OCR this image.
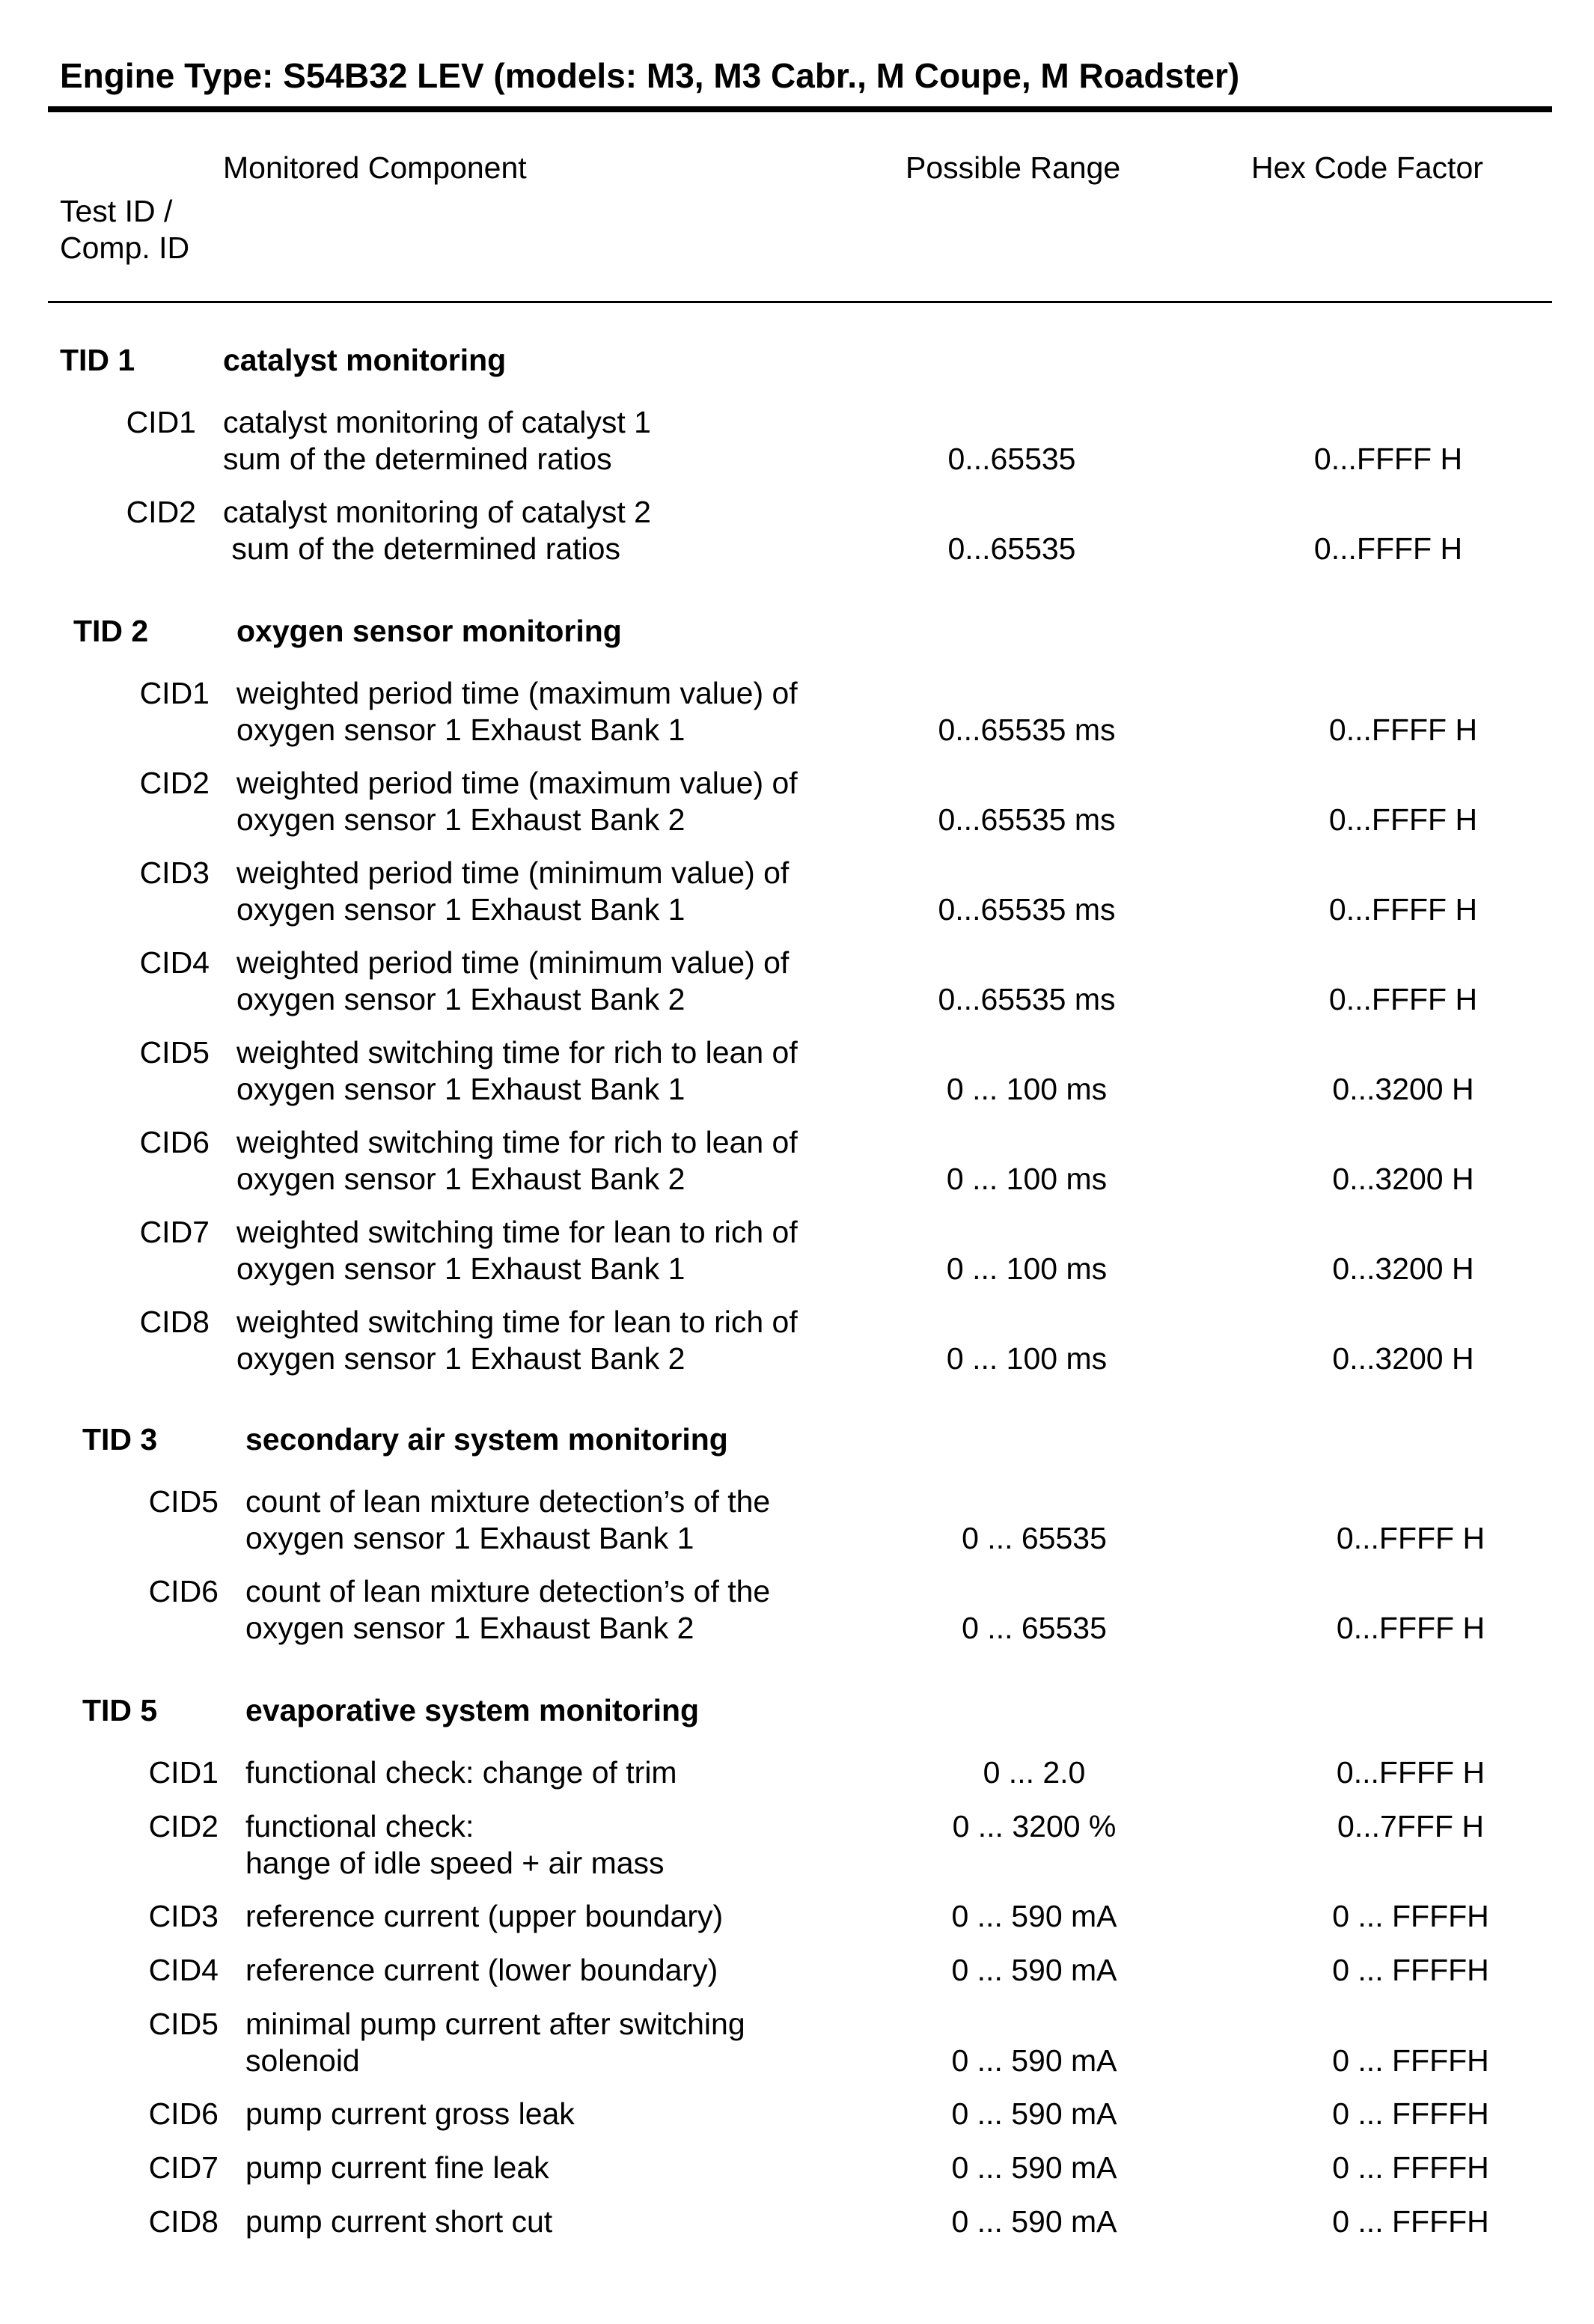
Engine Type: S54B32 LEV (models: M3, M3 Cabr., M Coupe, M Roadster)
Test ID /
Comp. ID
Monitored Component	Possible Range	Hex Code Factor
TID 1	catalyst monitoring
CID1 catalyst monitoring of catalyst 1
sum of the determined ratios	0...65535	0...FFFF H
CID2 catalyst monitoring of catalyst 2
sum of the determined ratios	0...65535	0...FFFF H
TID 2	oxygen sensor monitoring
CID1 weighted period time (maximum value) of
oxygen sensor 1 Exhaust Bank 1	0...65535 ms	0...FFFF H
CID2 weighted period time (maximum value) of
oxygen sensor 1 Exhaust Bank 2	0...65535 ms	0...FFFF H
CID3 weighted period time (minimum value) of
oxygen sensor 1 Exhaust Bank 1	0...65535 ms	0...FFFF H
CID4 weighted period time (minimum value) of
oxygen sensor 1 Exhaust Bank 2	0...65535 ms	0...FFFF H
CID5 weighted switching time for rich to lean of
oxygen sensor 1 Exhaust Bank 1	0 ... 100 ms	0...3200 H
CID6 weighted switching time for rich to lean of
oxygen sensor 1 Exhaust Bank 2	0 ... 100 ms	0...3200 H
CID7 weighted switching time for lean to rich of
oxygen sensor 1 Exhaust Bank 1	0 ... 100 ms	0...3200 H
CID8 weighted switching time for lean to rich of
oxygen sensor 1 Exhaust Bank 2	0 ... 100 ms	0...3200 H
TID 3	secondary air system monitoring
CID5 count of lean mixture detection’s of the
oxygen sensor 1 Exhaust Bank 1	0 ... 65535	0...FFFF H
CID6 count of lean mixture detection’s of the
oxygen sensor 1 Exhaust Bank 2	0 ... 65535	0...FFFF H
TID 5	evaporative system monitoring
CID1 functional check: change of trim	0 ... 2.0	0...FFFF H
CID2 functional check:
hange of idle speed + air mass
0 ... 3200 %	0...7FFF H
CID3 reference current (upper boundary)	0 ... 590 mA	0 ... FFFFH
CID4 reference current (lower boundary)	0 ... 590 mA	0 ... FFFFH
CID5 minimal pump current after switching
solenoid	0 ... 590 mA	0 ... FFFFH
CID6 pump current gross leak	0 ... 590 mA	0 ... FFFFH
CID7 pump current fine leak	0 ... 590 mA	0 ... FFFFH
CID8 pump current short cut	0 ... 590 mA	0 ... FFFFH
